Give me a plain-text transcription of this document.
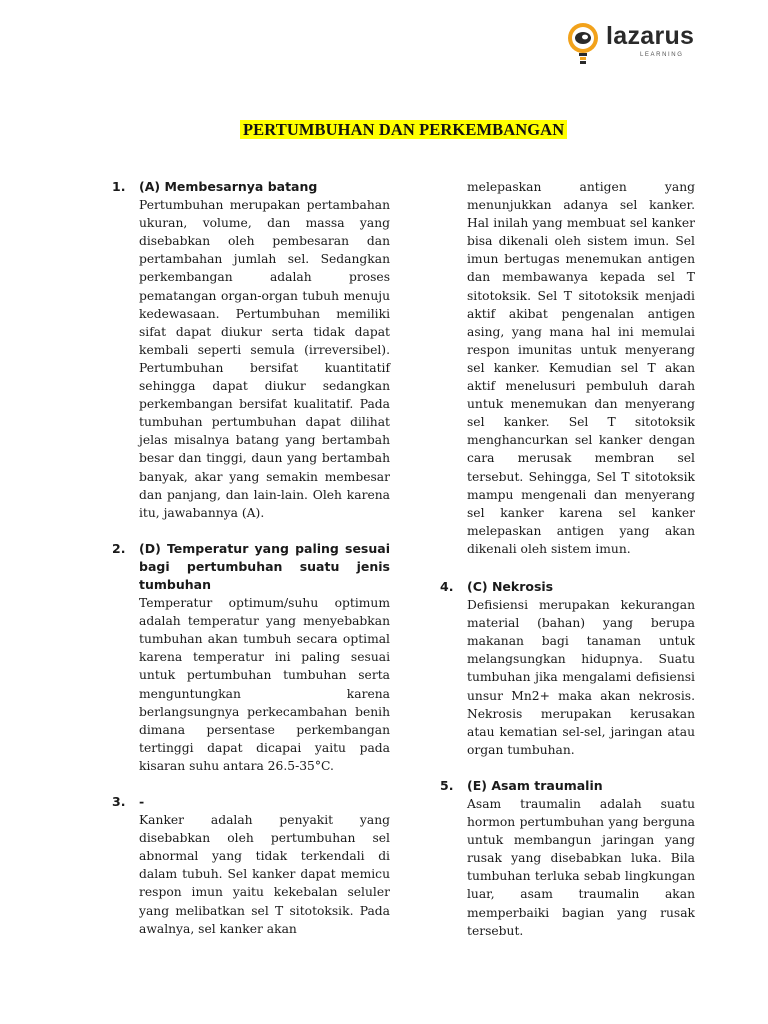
lazarus
LEARNING
PERTUMBUHAN DAN PERKEMBANGAN
1. (A) Membesarnya batang
Pertumbuhan merupakan pertambahan ukuran, volume, dan massa yang disebabkan oleh pembesaran dan pertambahan jumlah sel. Sedangkan perkembangan adalah proses pematangan organ-organ tubuh menuju kedewasaan. Pertumbuhan memiliki sifat dapat diukur serta tidak dapat kembali seperti semula (irreversibel). Pertumbuhan bersifat kuantitatif sehingga dapat diukur sedangkan perkembangan bersifat kualitatif. Pada tumbuhan pertumbuhan dapat dilihat jelas misalnya batang yang bertambah besar dan tinggi, daun yang bertambah banyak, akar yang semakin membesar dan panjang, dan lain-lain. Oleh karena itu, jawabannya (A).
2. (D) Temperatur yang paling sesuai bagi pertumbuhan suatu jenis tumbuhan
Temperatur optimum/suhu optimum adalah temperatur yang menyebabkan tumbuhan akan tumbuh secara optimal karena temperatur ini paling sesuai untuk pertumbuhan tumbuhan serta menguntungkan karena berlangsungnya perkecambahan benih dimana persentase perkembangan tertinggi dapat dicapai yaitu pada kisaran suhu antara 26.5-35°C.
3. -
Kanker adalah penyakit yang disebabkan oleh pertumbuhan sel abnormal yang tidak terkendali di dalam tubuh. Sel kanker dapat memicu respon imun yaitu kekebalan seluler yang melibatkan sel T sitotoksik. Pada awalnya, sel kanker akan
melepaskan antigen yang menunjukkan adanya sel kanker. Hal inilah yang membuat sel kanker bisa dikenali oleh sistem imun. Sel imun bertugas menemukan antigen dan membawanya kepada sel T sitotoksik. Sel T sitotoksik menjadi aktif akibat pengenalan antigen asing, yang mana hal ini memulai respon imunitas untuk menyerang sel kanker. Kemudian sel T akan aktif menelusuri pembuluh darah untuk menemukan dan menyerang sel kanker. Sel T sitotoksik menghancurkan sel kanker dengan cara merusak membran sel tersebut. Sehingga, Sel T sitotoksik mampu mengenali dan menyerang sel kanker karena sel kanker melepaskan antigen yang akan dikenali oleh sistem imun.
4. (C) Nekrosis
Defisiensi merupakan kekurangan material (bahan) yang berupa makanan bagi tanaman untuk melangsungkan hidupnya. Suatu tumbuhan jika mengalami defisiensi unsur Mn2+ maka akan nekrosis. Nekrosis merupakan kerusakan atau kematian sel-sel, jaringan atau organ tumbuhan.
5. (E) Asam traumalin
Asam traumalin adalah suatu hormon pertumbuhan yang berguna untuk membangun jaringan yang rusak yang disebabkan luka. Bila tumbuhan terluka sebab lingkungan luar, asam traumalin akan memperbaiki bagian yang rusak tersebut.
